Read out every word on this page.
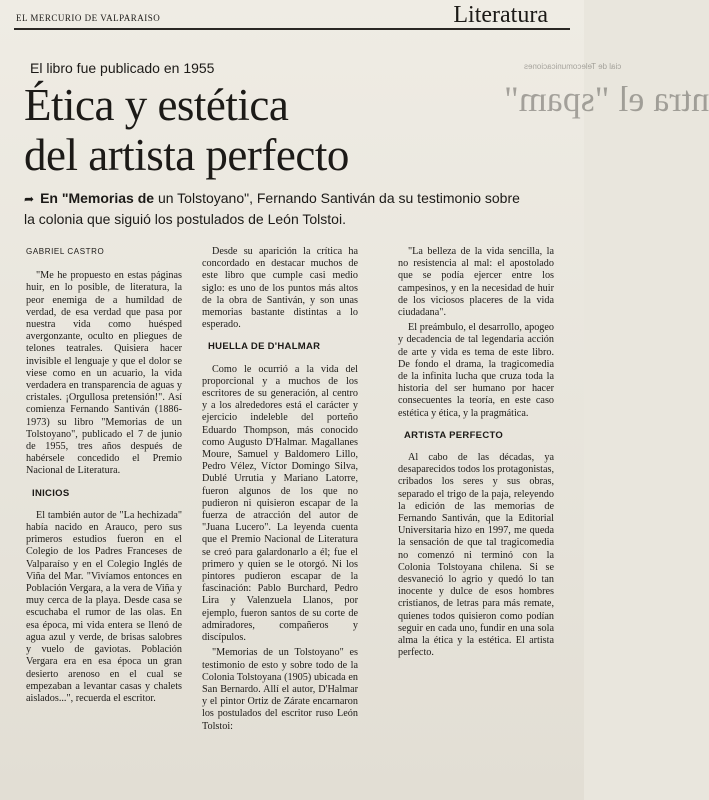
EL MERCURIO DE VALPARAISO	Literatura
cial de Telecomunicaciones
ntra el "spam"
El libro fue publicado en 1955
Ética y estética
del artista perfecto
➦ En "Memorias de un Tolstoyano", Fernando Santiván da su testimonio sobre la colonia que siguió los postulados de León Tolstoi.
GABRIEL CASTRO

"Me he propuesto en estas páginas huir, en lo posible, de literatura, la peor enemiga de a humildad de verdad, de esa verdad que pasa por nuestra vida como huésped avergonzante, oculto en pliegues de telones teatrales. Quisiera hacer invisible el lenguaje y que el dolor se viese como en un acuario, la vida verdadera en transparencia de aguas y cristales. ¡Orgullosa pretensión!". Así comienza Fernando Santiván (1886-1973) su libro "Memorias de un Tolstoyano", publicado el 7 de junio de 1955, tres años después de habérsele concedido el Premio Nacional de Literatura.

INICIOS

El también autor de "La hechizada" había nacido en Arauco, pero sus primeros estudios fueron en el Colegio de los Padres Franceses de Valparaíso y en el Colegio Inglés de Viña del Mar. "Vivíamos entonces en Población Vergara, a la vera de Viña y muy cerca de la playa. Desde casa se escuchaba el rumor de las olas. En esa época, mi vida entera se llenó de agua azul y verde, de brisas salobres y vuelo de gaviotas. Población Vergara era en esa época un gran desierto arenoso en el cual se empezaban a levantar casas y chalets aislados...", recuerda el escritor.

Desde su aparición la crítica ha concordado en destacar muchos de este libro que cumple casi medio siglo: es uno de los puntos más altos de la obra de Santiván, y son unas memorias bastante distintas a lo esperado.

HUELLA DE D'HALMAR

Como le ocurrió a la vida del proporcional y a muchos de los escritores de su generación, al centro y a los alrededores está el carácter y ejercicio indeleble del porteño Eduardo Thompson, más conocido como Augusto D'Halmar. Magallanes Moure, Samuel y Baldomero Lillo, Pedro Vélez, Víctor Domingo Silva, Dublé Urrutia y Mariano Latorre, fueron algunos de los que no pudieron ni quisieron escapar de la fuerza de atracción del autor de "Juana Lucero". La leyenda cuenta que el Premio Nacional de Literatura se creó para galardonarlo a él; fue el primero y quien se le otorgó. Ni los pintores pudieron escapar de la fascinación: Pablo Burchard, Pedro Lira y Valenzuela Llanos, por ejemplo, fueron santos de su corte de admiradores, compañeros y discípulos.

"Memorias de un Tolstoyano" es testimonio de esto y sobre todo de la Colonia Tolstoyana (1905) ubicada en San Bernardo. Allí el autor, D'Halmar y el pintor Ortiz de Zárate encarnaron los postulados del escritor ruso León Tolstoi:

"La belleza de la vida sencilla, la no resistencia al mal: el apostolado que se podía ejercer entre los campesinos, y en la necesidad de huir de los viciosos placeres de la vida ciudadana".

El preámbulo, el desarrollo, apogeo y decadencia de tal legendaria acción de arte y vida es tema de este libro. De fondo el drama, la tragicomedia de la infinita lucha que cruza toda la historia del ser humano por hacer consecuentes la teoría, en este caso estética y ética, y la pragmática.

ARTISTA PERFECTO

Al cabo de las décadas, ya desaparecidos todos los protagonistas, cribados los seres y sus obras, separado el trigo de la paja, releyendo la edición de las memorias de Fernando Santiván, que la Editorial Universitaria hizo en 1997, me queda la sensación de que tal tragicomedia no comenzó ni terminó con la Colonia Tolstoyana chilena. Si se desvaneció lo agrio y quedó lo tan inocente y dulce de esos hombres cristianos, de letras para más remate, quienes todos quisieron como podían seguir en cada uno, fundir en una sola alma la ética y la estética. El artista perfecto.
